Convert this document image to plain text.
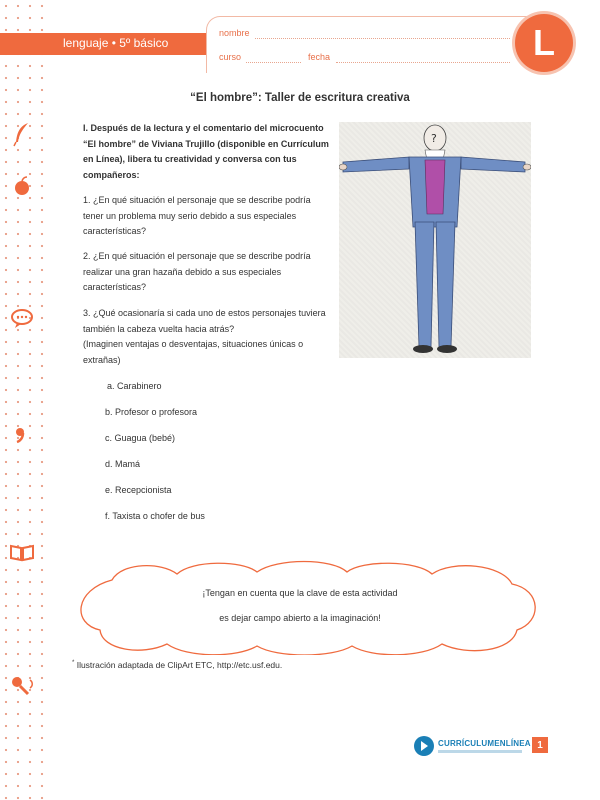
lenguaje • 5º básico
nombre
curso	fecha	L
“El hombre”: Taller de escritura creativa
I. Después de la lectura y el comentario del microcuento “El hombre” de Viviana Trujillo (disponible en Currículum en Línea), libera tu creatividad y conversa con tus compañeros:
1. ¿En qué situación el personaje que se describe podría tener un problema muy serio debido a sus especiales características?
2. ¿En qué situación el personaje que se describe podría realizar una gran hazaña debido a sus especiales características?
3. ¿Qué ocasionaría si cada uno de estos personajes tuviera también la cabeza vuelta hacia atrás?
(Imaginen ventajas o desventajas, situaciones únicas o extrañas)
a. Carabinero
b. Profesor o profesora
c. Guagua (bebé)
d. Mamá
e. Recepcionista
f. Taxista o chofer de bus
?
¡Tengan en cuenta que la clave de esta actividad
es dejar campo abierto a la imaginación!
* Ilustración adaptada de ClipArt ETC, http://etc.usf.edu.
CURRÍCULUMENLÍNEA 1
